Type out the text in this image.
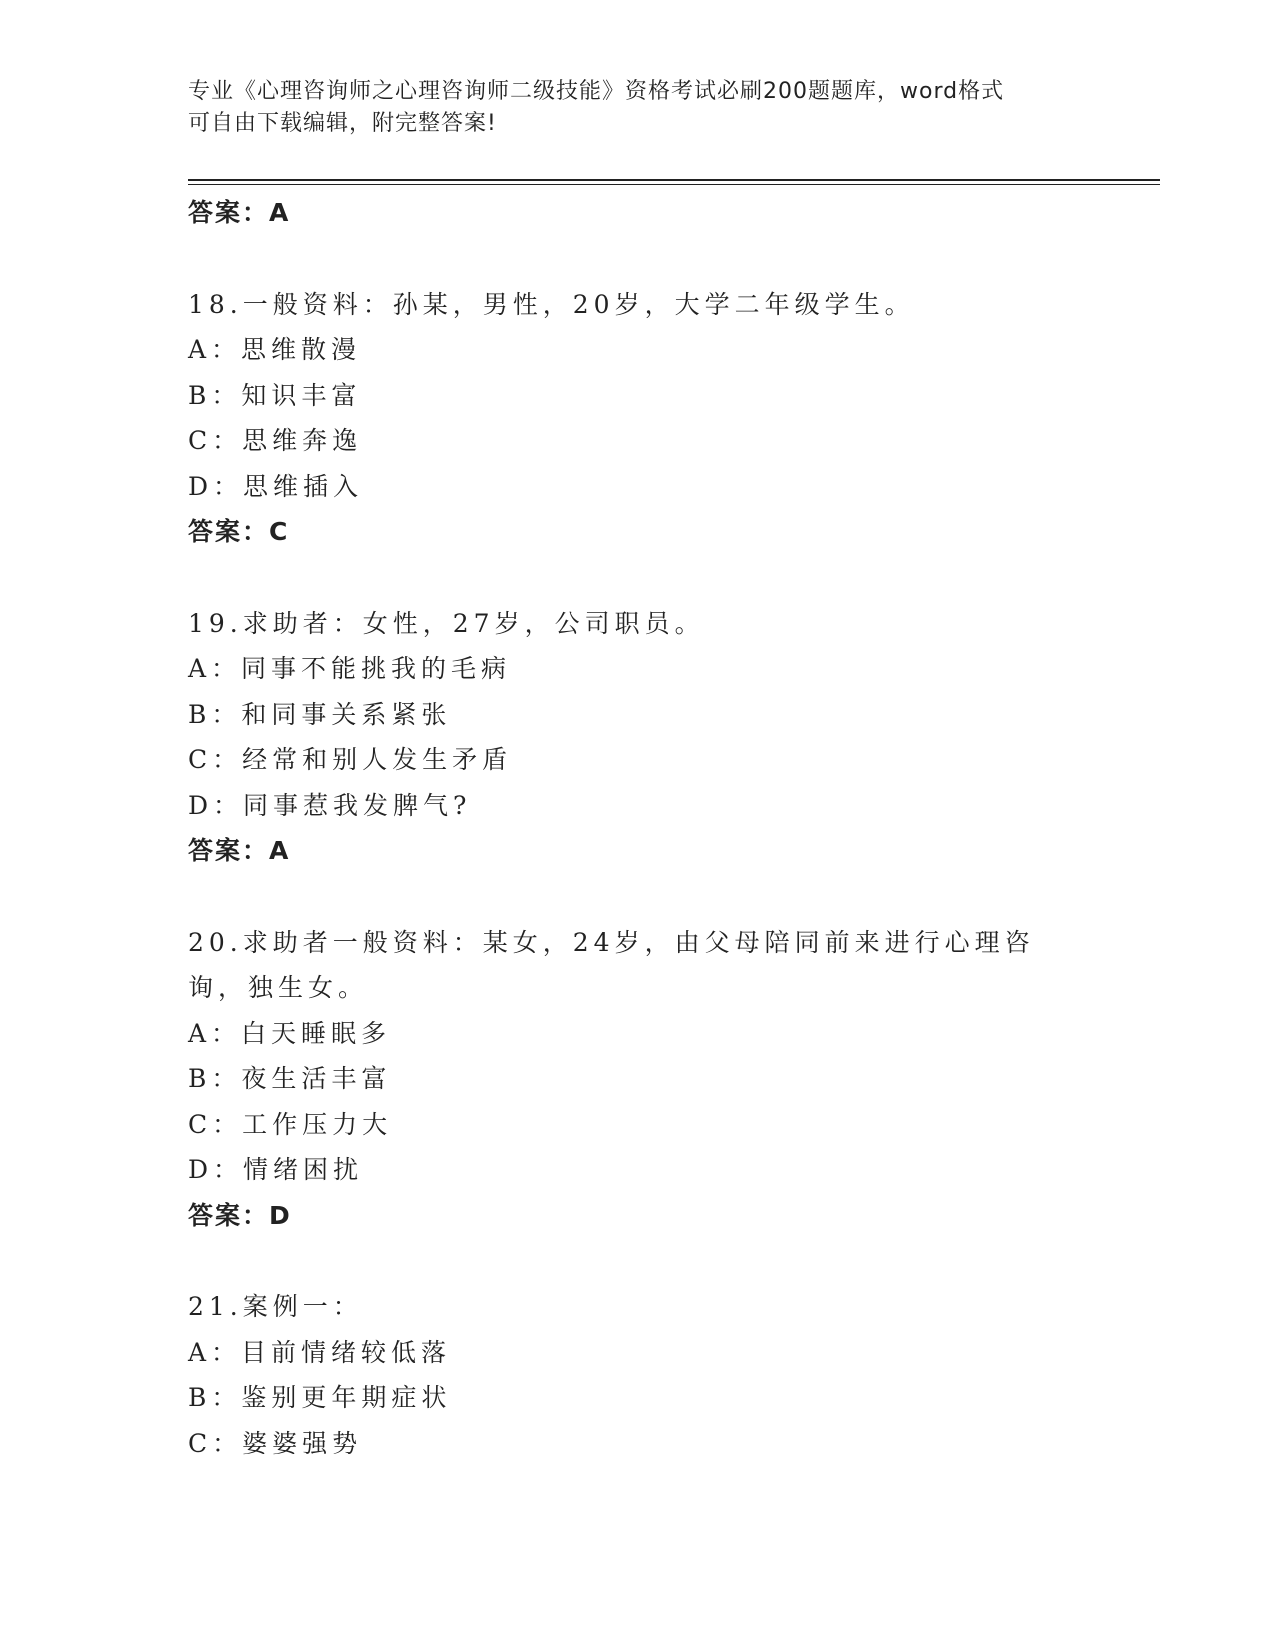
专业《心理咨询师之心理咨询师二级技能》资格考试必刷200题题库，word格式
可自由下载编辑，附完整答案!
答案：A
18.一般资料：孙某，男性，20岁，大学二年级学生。
A：思维散漫
B：知识丰富
C：思维奔逸
D：思维插入
答案：C
19.求助者：女性，27岁，公司职员。
A：同事不能挑我的毛病
B：和同事关系紧张
C：经常和别人发生矛盾
D：同事惹我发脾气?
答案：A
20.求助者一般资料：某女，24岁，由父母陪同前来进行心理咨询，独生女。
A：白天睡眠多
B：夜生活丰富
C：工作压力大
D：情绪困扰
答案：D
21.案例一：
A：目前情绪较低落
B：鉴别更年期症状
C：婆婆强势
